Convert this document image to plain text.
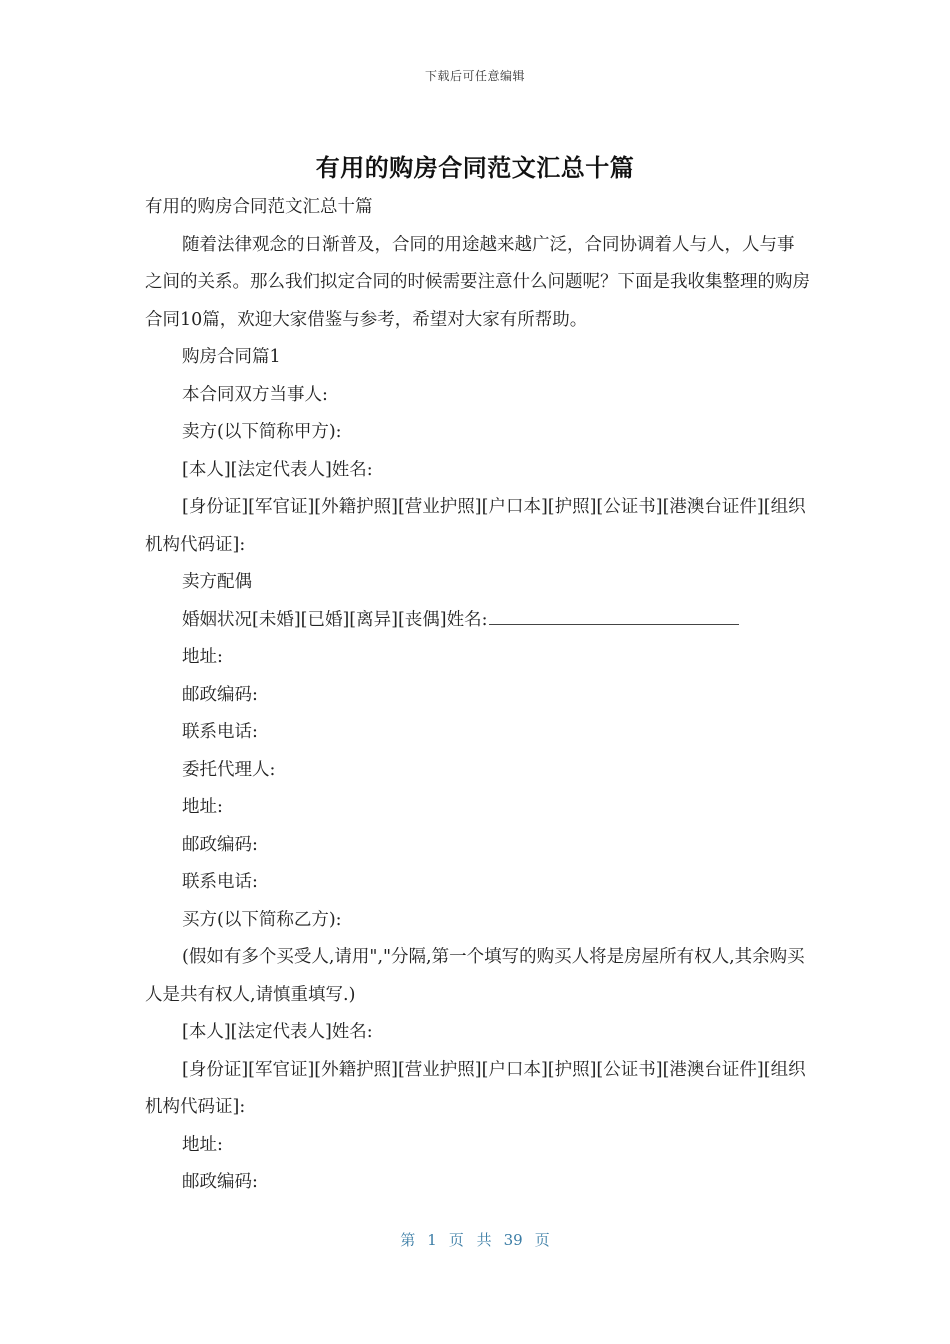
下载后可任意编辑
有用的购房合同范文汇总十篇

有用的购房合同范文汇总十篇

随着法律观念的日渐普及，合同的用途越来越广泛，合同协调着人与人，人与事之间的关系。那么我们拟定合同的时候需要注意什么问题呢？下面是我收集整理的购房合同10篇，欢迎大家借鉴与参考，希望对大家有所帮助。

购房合同篇1

本合同双方当事人:

卖方(以下简称甲方):

[本人][法定代表人]姓名:

[身份证][军官证][外籍护照][营业护照][户口本][护照][公证书][港澳台证件][组织机构代码证]:

卖方配偶

婚姻状况[未婚][已婚][离异][丧偶]姓名:

地址:

邮政编码:

联系电话:

委托代理人:

地址:

邮政编码:

联系电话:

买方(以下简称乙方):

(假如有多个买受人,请用","分隔,第一个填写的购买人将是房屋所有权人,其余购买人是共有权人,请慎重填写.)

[本人][法定代表人]姓名:

[身份证][军官证][外籍护照][营业护照][户口本][护照][公证书][港澳台证件][组织机构代码证]:

地址:

邮政编码:

第 1 页 共 39 页
